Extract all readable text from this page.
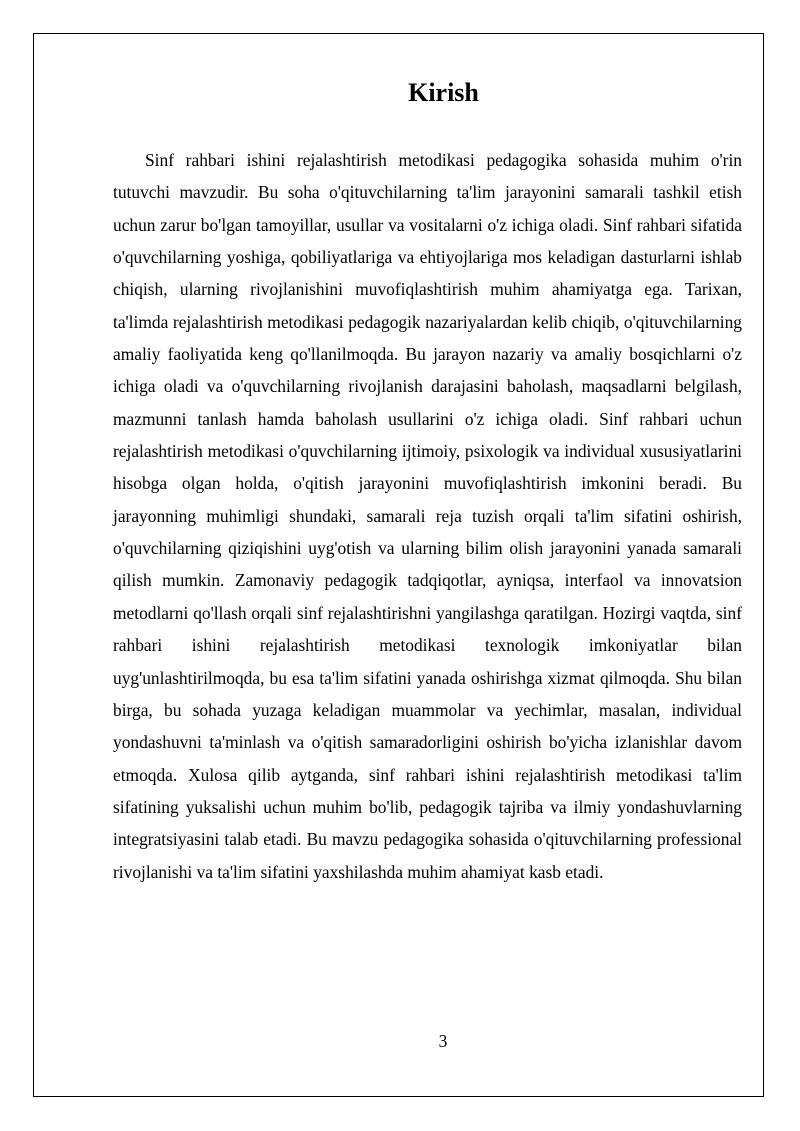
Kirish

Sinf rahbari ishini rejalashtirish metodikasi pedagogika sohasida muhim o'rin tutuvchi mavzudir. Bu soha o'qituvchilarning ta'lim jarayonini samarali tashkil etish uchun zarur bo'lgan tamoyillar, usullar va vositalarni o'z ichiga oladi. Sinf rahbari sifatida o'quvchilarning yoshiga, qobiliyatlariga va ehtiyojlariga mos keladigan dasturlarni ishlab chiqish, ularning rivojlanishini muvofiqlashtirish muhim ahamiyatga ega. Tarixan, ta'limda rejalashtirish metodikasi pedagogik nazariyalardan kelib chiqib, o'qituvchilarning amaliy faoliyatida keng qo'llanilmoqda. Bu jarayon nazariy va amaliy bosqichlarni o'z ichiga oladi va o'quvchilarning rivojlanish darajasini baholash, maqsadlarni belgilash, mazmunni tanlash hamda baholash usullarini o'z ichiga oladi. Sinf rahbari uchun rejalashtirish metodikasi o'quvchilarning ijtimoiy, psixologik va individual xususiyatlarini hisobga olgan holda, o'qitish jarayonini muvofiqlashtirish imkonini beradi. Bu jarayonning muhimligi shundaki, samarali reja tuzish orqali ta'lim sifatini oshirish, o'quvchilarning qiziqishini uyg'otish va ularning bilim olish jarayonini yanada samarali qilish mumkin. Zamonaviy pedagogik tadqiqotlar, ayniqsa, interfaol va innovatsion metodlarni qo'llash orqali sinf rejalashtirishni yangilashga qaratilgan. Hozirgi vaqtda, sinf rahbari ishini rejalashtirish metodikasi texnologik imkoniyatlar bilan uyg'unlashtirilmoqda, bu esa ta'lim sifatini yanada oshirishga xizmat qilmoqda. Shu bilan birga, bu sohada yuzaga keladigan muammolar va yechimlar, masalan, individual yondashuvni ta'minlash va o'qitish samaradorligini oshirish bo'yicha izlanishlar davom etmoqda. Xulosa qilib aytganda, sinf rahbari ishini rejalashtirish metodikasi ta'lim sifatining yuksalishi uchun muhim bo'lib, pedagogik tajriba va ilmiy yondashuvlarning integratsiyasini talab etadi. Bu mavzu pedagogika sohasida o'qituvchilarning professional rivojlanishi va ta'lim sifatini yaxshilashda muhim ahamiyat kasb etadi.

3
